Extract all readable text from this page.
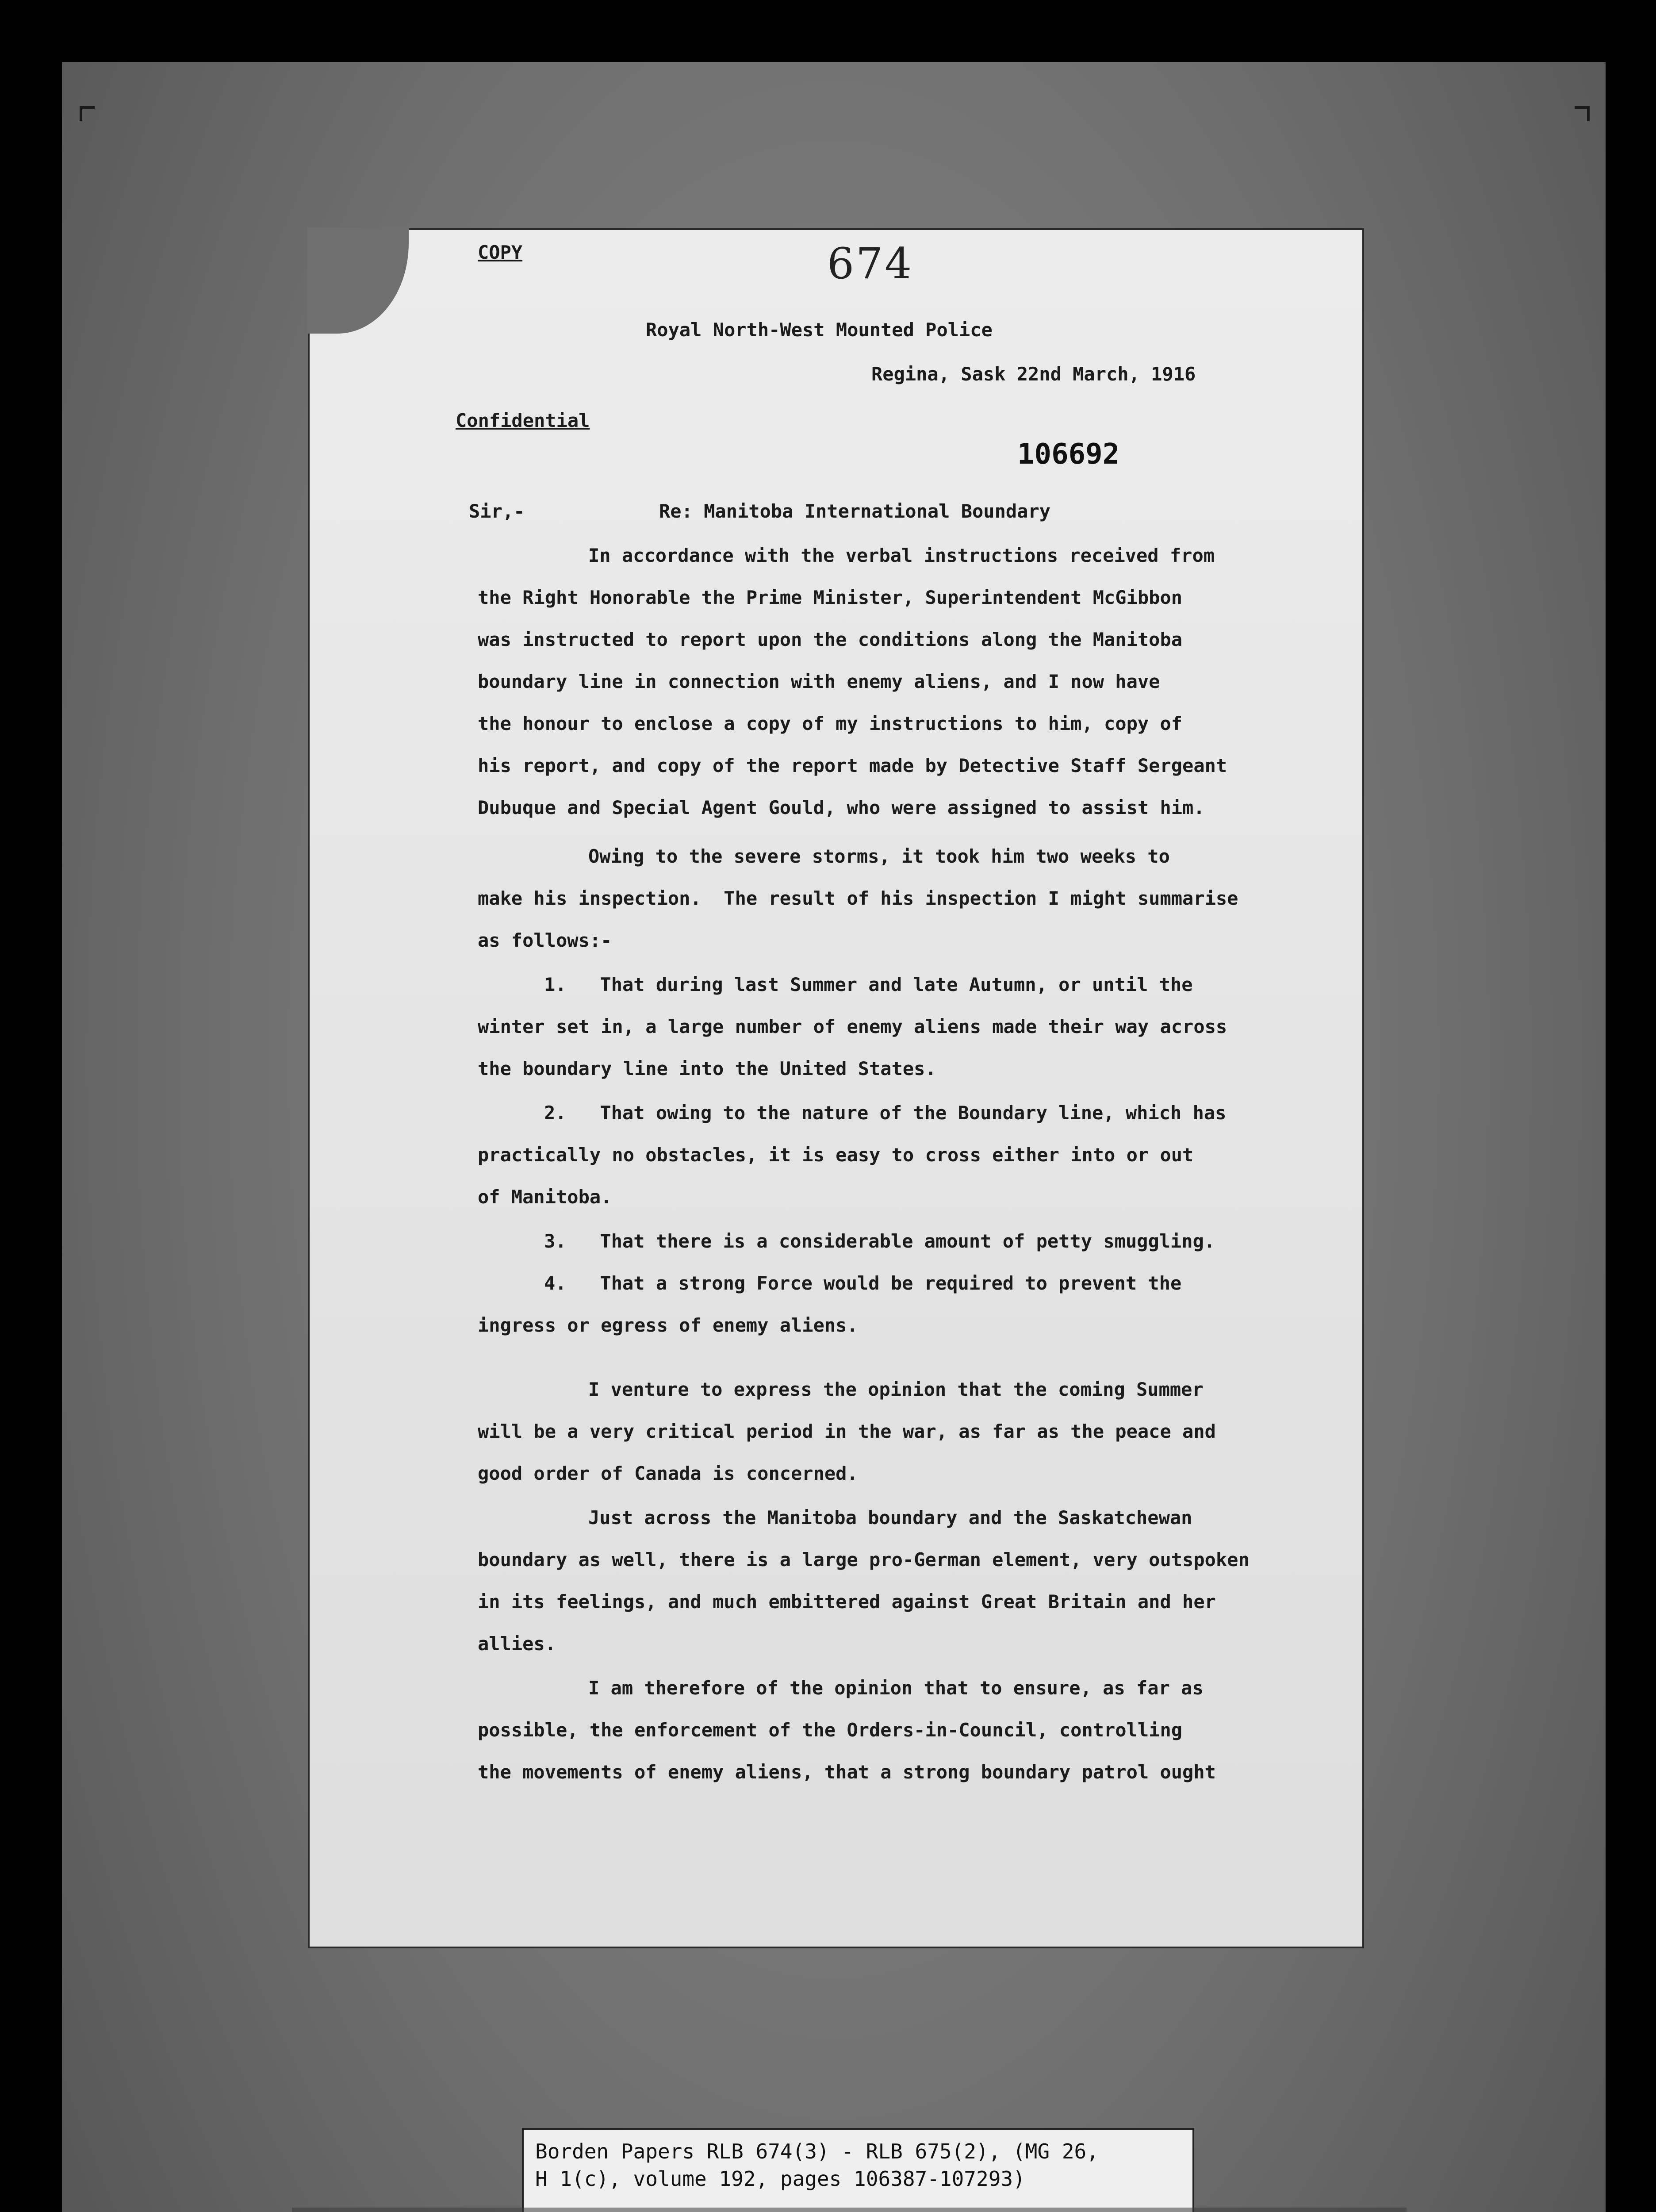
COPY	674
Royal North-West Mounted Police
Regina, Sask 22nd March, 1916
Confidential
106692
Sir,-	Re: Manitoba International Boundary
In accordance with the verbal instructions received from
the Right Honorable the Prime Minister, Superintendent McGibbon
was instructed to report upon the conditions along the Manitoba
boundary line in connection with enemy aliens, and I now have
the honour to enclose a copy of my instructions to him, copy of
his report, and copy of the report made by Detective Staff Sergeant
Dubuque and Special Agent Gould, who were assigned to assist him.
Owing to the severe storms, it took him two weeks to
make his inspection.  The result of his inspection I might summarise
as follows:-
1.   That during last Summer and late Autumn, or until the
winter set in, a large number of enemy aliens made their way across
the boundary line into the United States.
2.   That owing to the nature of the Boundary line, which has
practically no obstacles, it is easy to cross either into or out
of Manitoba.
3.   That there is a considerable amount of petty smuggling.
4.   That a strong Force would be required to prevent the
ingress or egress of enemy aliens.
I venture to express the opinion that the coming Summer
will be a very critical period in the war, as far as the peace and
good order of Canada is concerned.
Just across the Manitoba boundary and the Saskatchewan
boundary as well, there is a large pro-German element, very outspoken
in its feelings, and much embittered against Great Britain and her
allies.
I am therefore of the opinion that to ensure, as far as
possible, the enforcement of the Orders-in-Council, controlling
the movements of enemy aliens, that a strong boundary patrol ought
Borden Papers RLB 674(3) - RLB 675(2), (MG 26,
H 1(c), volume 192, pages 106387-107293)
